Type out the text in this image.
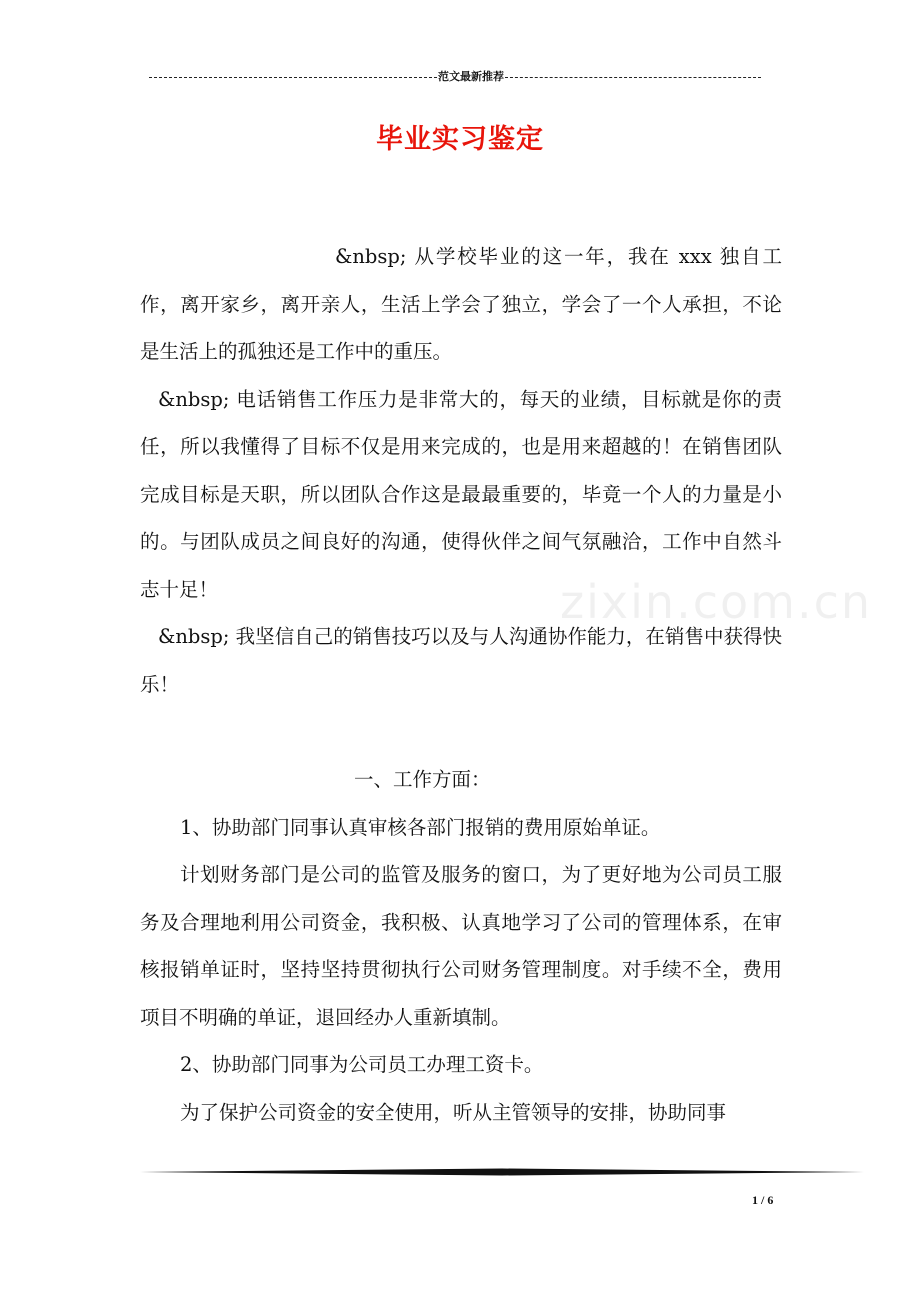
范文最新推荐
毕业实习鉴定
zixin.com.cn

&nbsp; 从学校毕业的这一年，我在 xxx 独自工作，离开家乡，离开亲人，生活上学会了独立，学会了一个人承担，不论是生活上的孤独还是工作中的重压。

&nbsp; 电话销售工作压力是非常大的，每天的业绩，目标就是你的责任，所以我懂得了目标不仅是用来完成的，也是用来超越的！在销售团队完成目标是天职，所以团队合作这是最最重要的，毕竟一个人的力量是小的。与团队成员之间良好的沟通，使得伙伴之间气氛融洽，工作中自然斗志十足！

&nbsp; 我坚信自己的销售技巧以及与人沟通协作能力，在销售中获得快乐！

一、工作方面：

1、协助部门同事认真审核各部门报销的费用原始单证。

计划财务部门是公司的监管及服务的窗口，为了更好地为公司员工服务及合理地利用公司资金，我积极、认真地学习了公司的管理体系，在审核报销单证时，坚持坚持贯彻执行公司财务管理制度。对手续不全，费用项目不明确的单证，退回经办人重新填制。

2、协助部门同事为公司员工办理工资卡。

为了保护公司资金的安全使用，听从主管领导的安排，协助同事

1 / 6
